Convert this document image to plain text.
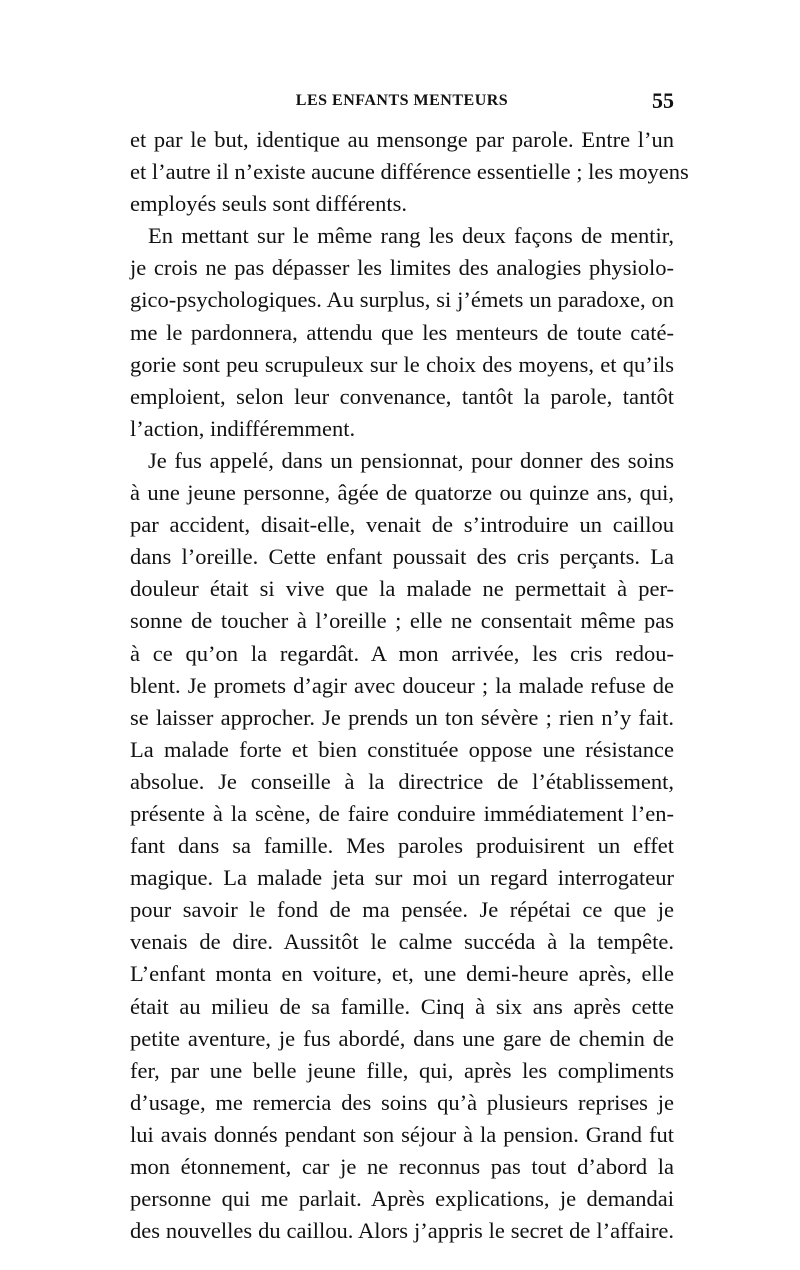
LES ENFANTS MENTEURS	55
et par le but, identique au mensonge par parole. Entre l’un
et l’autre il n’existe aucune différence essentielle ; les moyens
employés seuls sont différents.
En mettant sur le même rang les deux façons de mentir,
je crois ne pas dépasser les limites des analogies physiolo-
gico-psychologiques. Au surplus, si j’émets un paradoxe, on
me le pardonnera, attendu que les menteurs de toute caté-
gorie sont peu scrupuleux sur le choix des moyens, et qu’ils
emploient, selon leur convenance, tantôt la parole, tantôt
l’action, indifféremment.
Je fus appelé, dans un pensionnat, pour donner des soins
à une jeune personne, âgée de quatorze ou quinze ans, qui,
par accident, disait-elle, venait de s’introduire un caillou
dans l’oreille. Cette enfant poussait des cris perçants. La
douleur était si vive que la malade ne permettait à per-
sonne de toucher à l’oreille ; elle ne consentait même pas
à ce qu’on la regardât. A mon arrivée, les cris redou-
blent. Je promets d’agir avec douceur ; la malade refuse de
se laisser approcher. Je prends un ton sévère ; rien n’y fait.
La malade forte et bien constituée oppose une résistance
absolue. Je conseille à la directrice de l’établissement,
présente à la scène, de faire conduire immédiatement l’en-
fant dans sa famille. Mes paroles produisirent un effet
magique. La malade jeta sur moi un regard interrogateur
pour savoir le fond de ma pensée. Je répétai ce que je
venais de dire. Aussitôt le calme succéda à la tempête.
L’enfant monta en voiture, et, une demi-heure après, elle
était au milieu de sa famille. Cinq à six ans après cette
petite aventure, je fus abordé, dans une gare de chemin de
fer, par une belle jeune fille, qui, après les compliments
d’usage, me remercia des soins qu’à plusieurs reprises je
lui avais donnés pendant son séjour à la pension. Grand fut
mon étonnement, car je ne reconnus pas tout d’abord la
personne qui me parlait. Après explications, je demandai
des nouvelles du caillou. Alors j’appris le secret de l’affaire.
